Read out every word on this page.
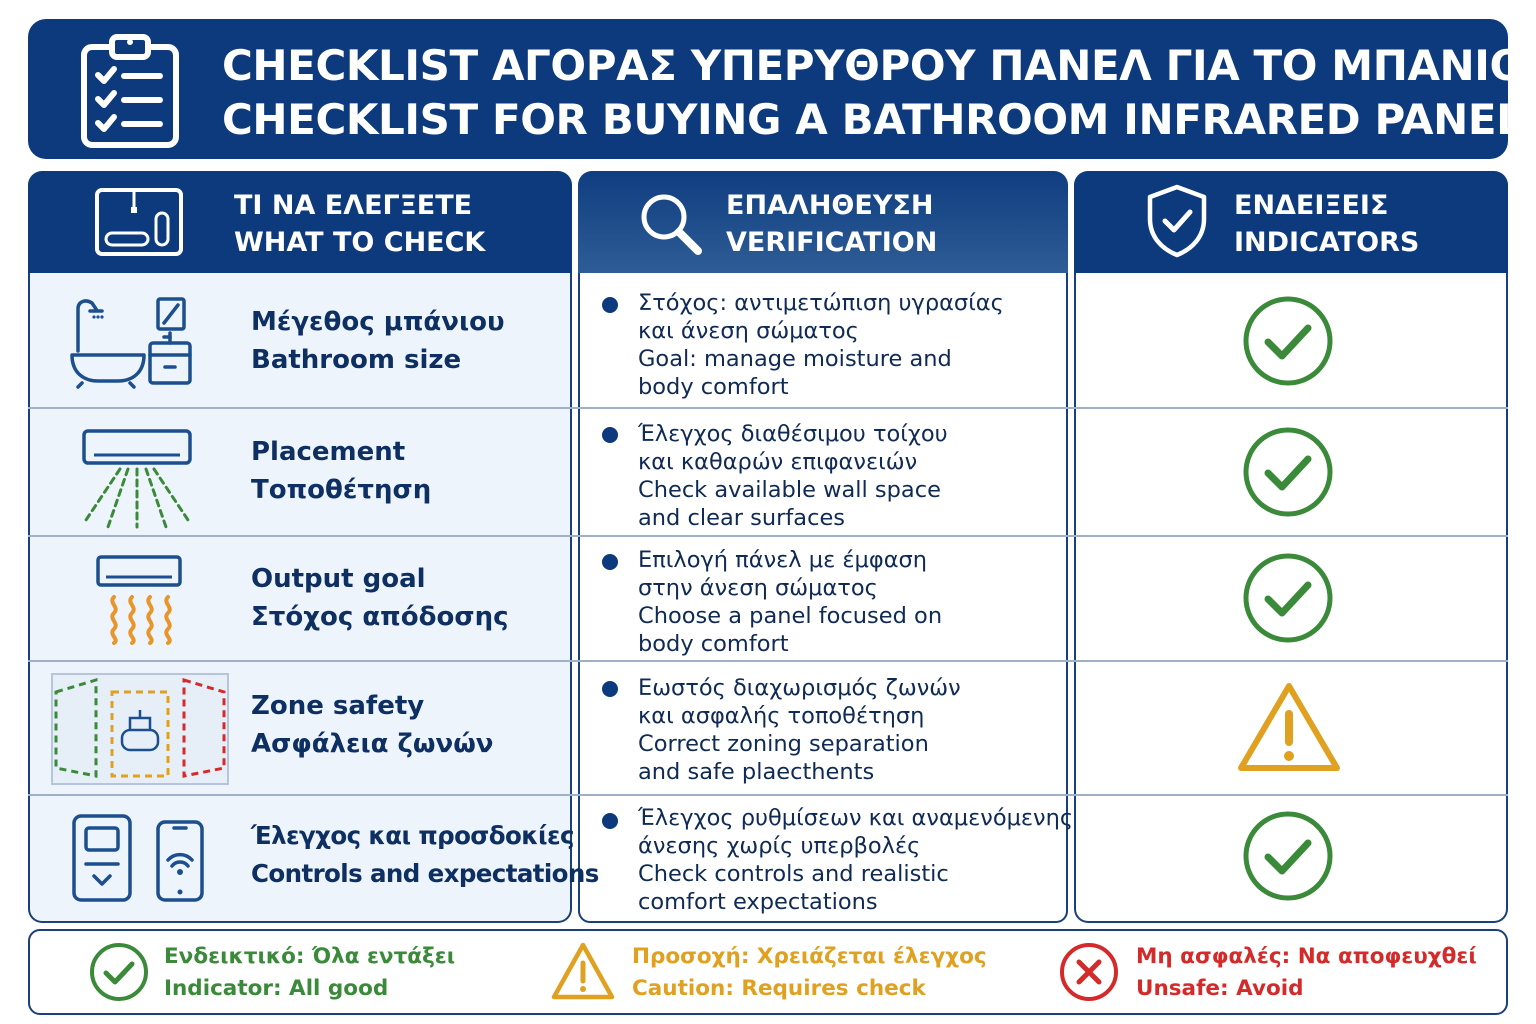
CHECKLIST ΑΓΟΡΑΣ ΥΠΕΡΥΘΡΟΥ ΠΑΝΕΛ ΓΙΑ ΤΟ ΜΠΑΝΙΟ
CHECKLIST FOR BUYING A BATHROOM INFRARED PANEL
ΤΙ ΝΑ ΕΛΕΓΞΕΤΕ
WHAT TO CHECK
ΕΠΑΛΗΘΕΥΣΗ
VERIFICATION
ΕΝΔΕΙΞΕΙΣ
INDICATORS
Μέγεθος μπάνιου
Bathroom size
Στόχος: αντιμετώπιση υγρασίας
και άνεση σώματος
Goal: manage moisture and
body comfort
Placement
Τοποθέτηση
Έλεγχος διαθέσιμου τοίχου
και καθαρών επιφανειών
Check available wall space
and clear surfaces
Output goal
Στόχος απόδοσης
Επιλογή πάνελ με έμφαση
στην άνεση σώματος
Choose a panel focused on
body comfort
Zone safety
Ασφάλεια ζωνών
Εωστός διαχωρισμός ζωνών
και ασφαλής τοποθέτηση
Correct zoning separation
and safe plaecthents
Έλεγχος και προσδοκίες
Controls and expectations
Έλεγχος ρυθμίσεων και αναμενόμενης
άνεσης χωρίς υπερβολές
Check controls and realistic
comfort expectations
Ενδεικτικό: Όλα εντάξει
Indicator: All good
Προσοχή: Χρειάζεται έλεγχος
Caution: Requires check
Μη ασφαλές: Να αποφευχθεί
Unsafe: Avoid
